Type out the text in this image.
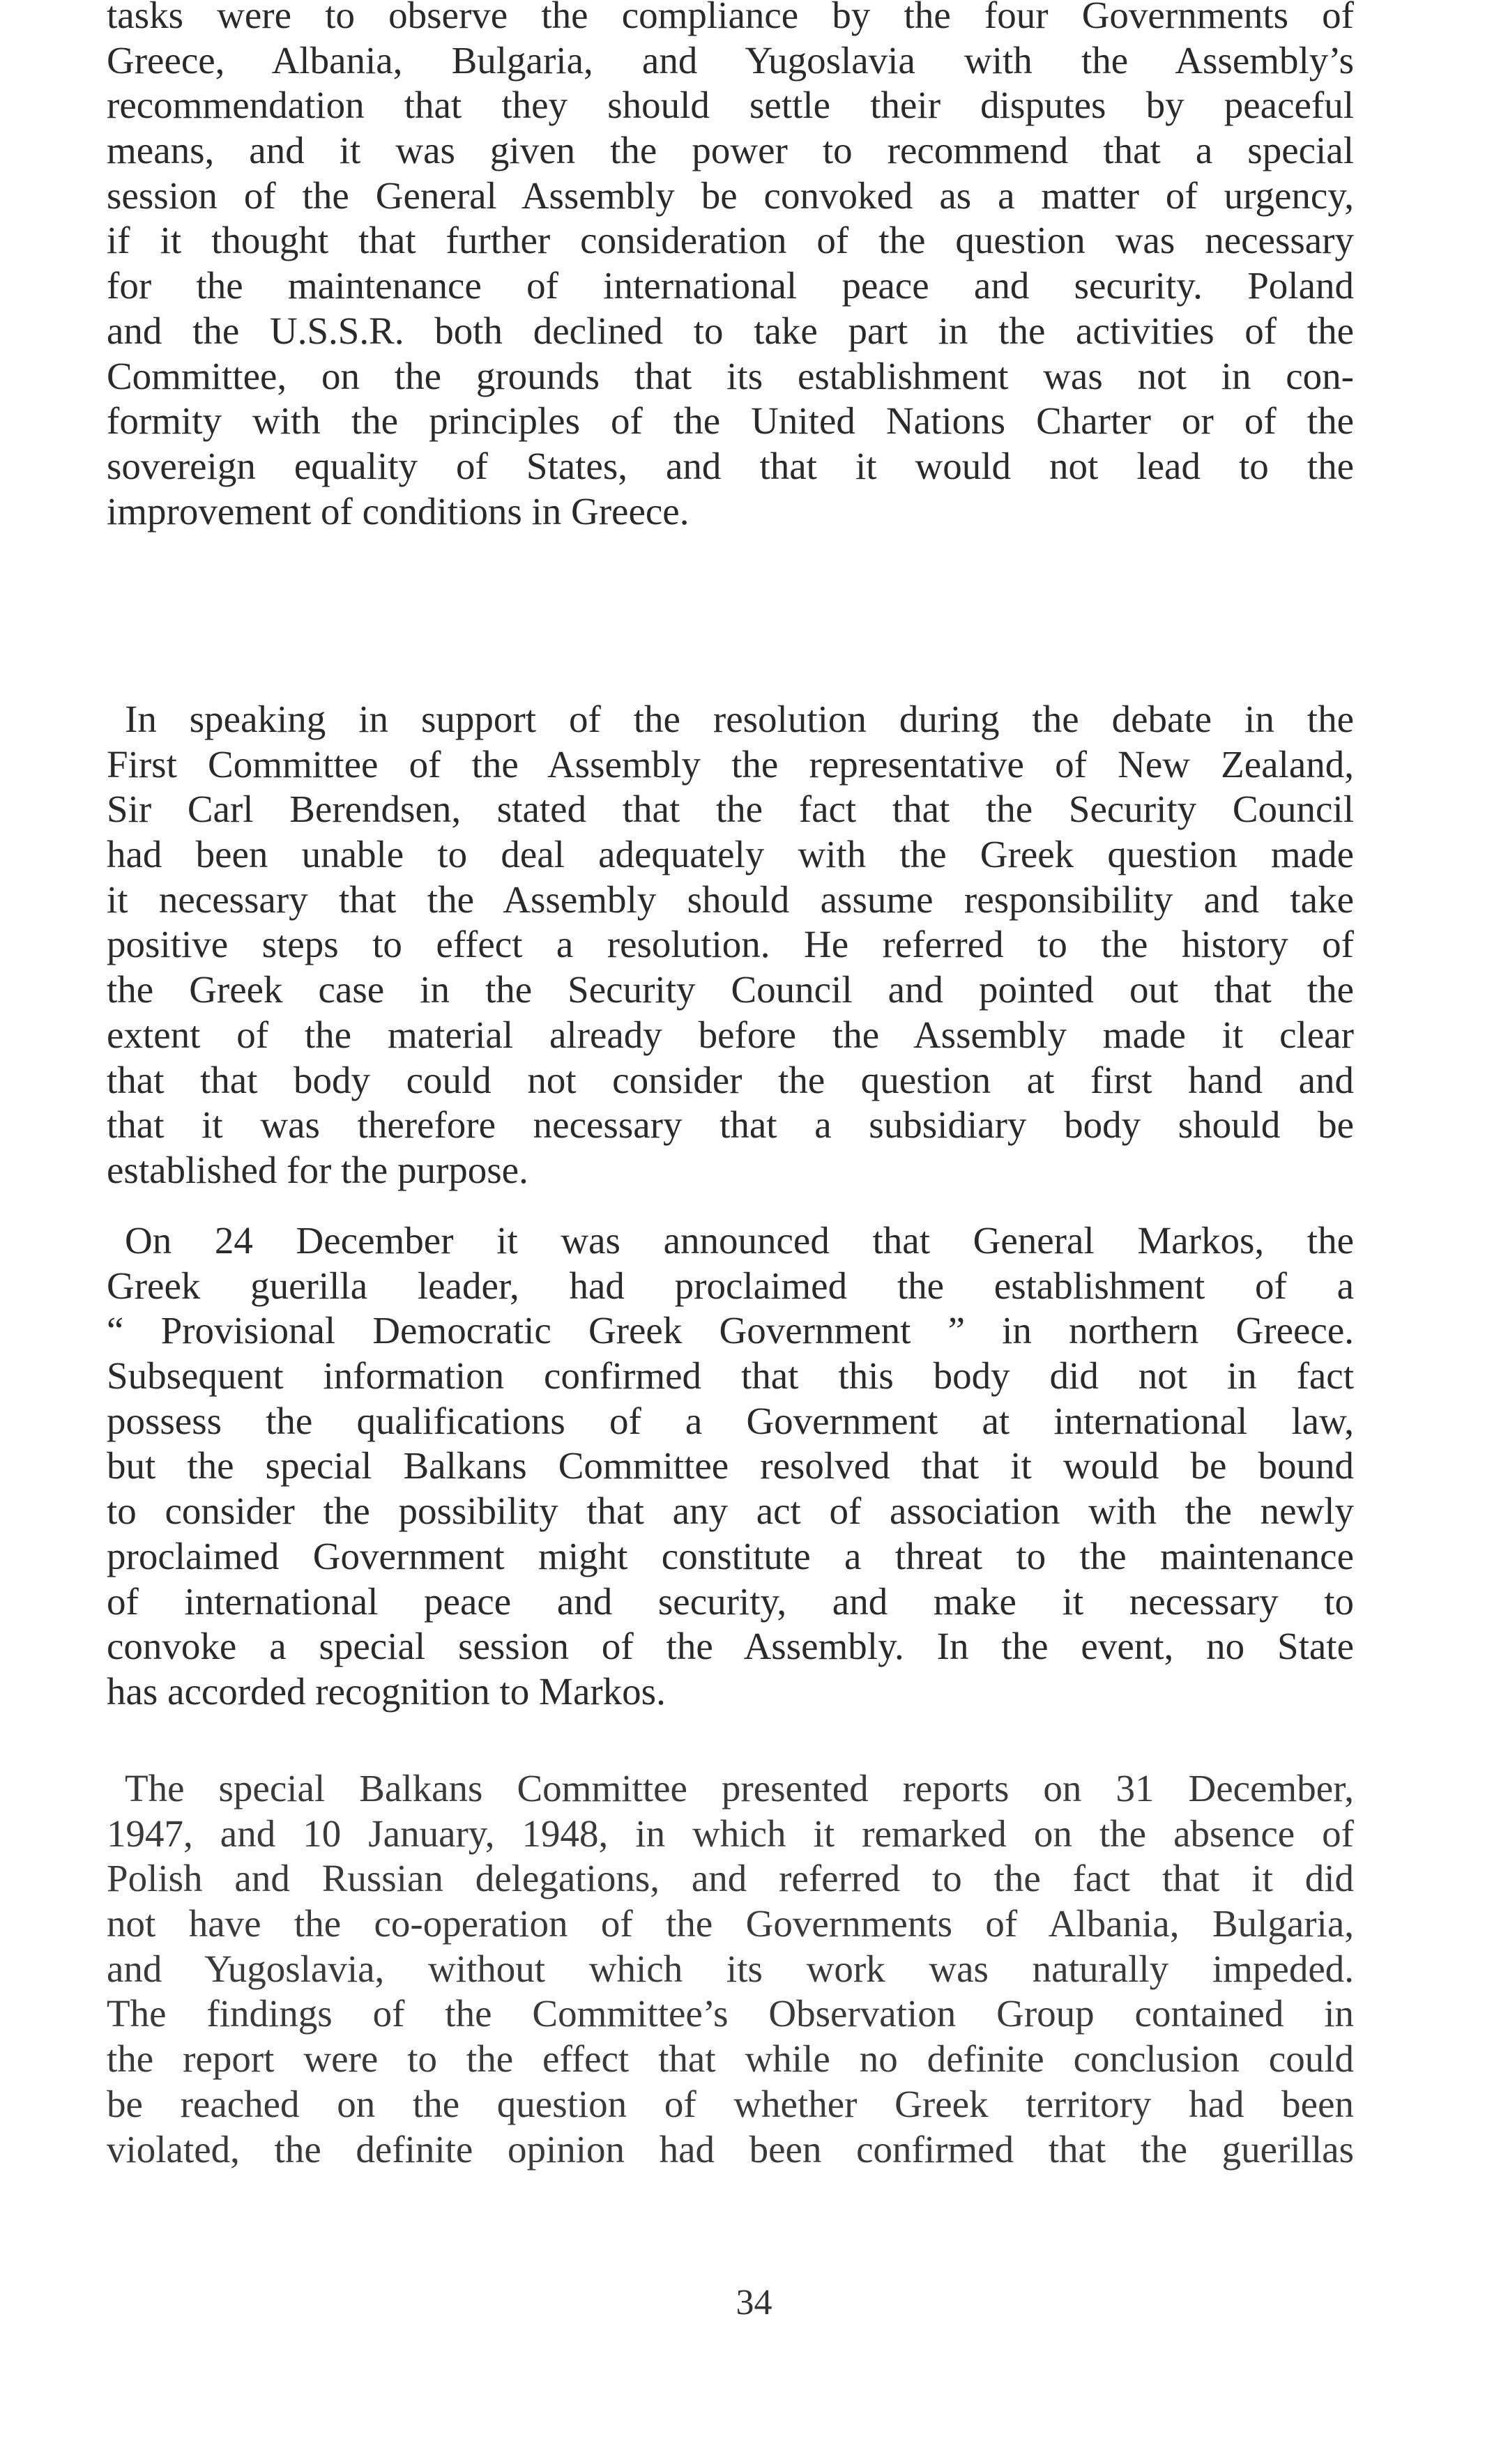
tasks were to observe the compliance by the four Governments of
Greece, Albania, Bulgaria, and Yugoslavia with the Assembly’s
recommendation that they should settle their disputes by peaceful
means, and it was given the power to recommend that a special
session of the General Assembly be convoked as a matter of urgency,
if it thought that further consideration of the question was necessary
for the maintenance of international peace and security. Poland
and the U.S.S.R. both declined to take part in the activities of the
Committee, on the grounds that its establishment was not in con-
formity with the principles of the United Nations Charter or of the
sovereign equality of States, and that it would not lead to the
improvement of conditions in Greece.
In speaking in support of the resolution during the debate in the
First Committee of the Assembly the representative of New Zealand,
Sir Carl Berendsen, stated that the fact that the Security Council
had been unable to deal adequately with the Greek question made
it necessary that the Assembly should assume responsibility and take
positive steps to effect a resolution. He referred to the history of
the Greek case in the Security Council and pointed out that the
extent of the material already before the Assembly made it clear
that that body could not consider the question at first hand and
that it was therefore necessary that a subsidiary body should be
established for the purpose.
On 24 December it was announced that General Markos, the
Greek guerilla leader, had proclaimed the establishment of a
“ Provisional Democratic Greek Government ” in northern Greece.
Subsequent information confirmed that this body did not in fact
possess the qualifications of a Government at international law,
but the special Balkans Committee resolved that it would be bound
to consider the possibility that any act of association with the newly
proclaimed Government might constitute a threat to the maintenance
of international peace and security, and make it necessary to
convoke a special session of the Assembly. In the event, no State
has accorded recognition to Markos.
The special Balkans Committee presented reports on 31 December,
1947, and 10 January, 1948, in which it remarked on the absence of
Polish and Russian delegations, and referred to the fact that it did
not have the co-operation of the Governments of Albania, Bulgaria,
and Yugoslavia, without which its work was naturally impeded.
The findings of the Committee’s Observation Group contained in
the report were to the effect that while no definite conclusion could
be reached on the question of whether Greek territory had been
violated, the definite opinion had been confirmed that the guerillas
34
